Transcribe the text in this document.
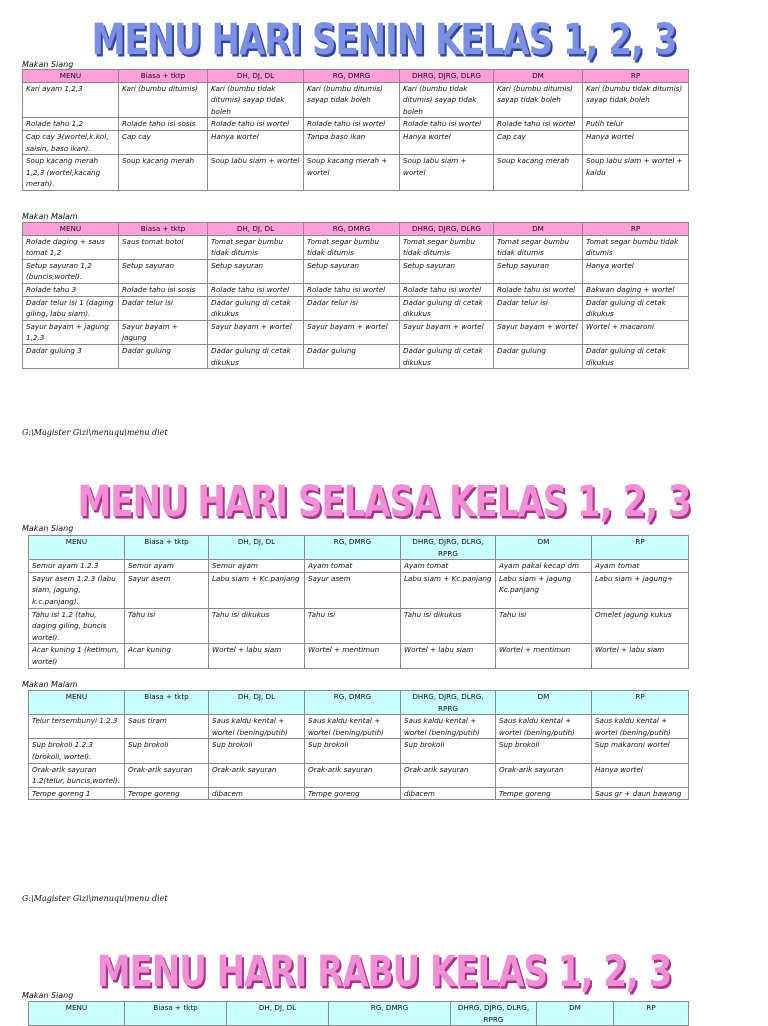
MENU HARI SENIN KELAS 1, 2, 3
Makan Siang
MENU	Biasa + tktp	DH, DJ, DL	RG, DMRG	DHRG, DJRG, DLRG	DM	RP
Kari ayam 1,2,3	Kari (bumbu ditumis)	Kari (bumbu tidak ditumis) sayap tidak boleh	Kari (bumbu ditumis) sayap tidak boleh	Kari (bumbu tidak ditumis) sayap tidak boleh	Kari (bumbu ditumis) sayap tidak boleh	Kari (bumbu tidak ditumis) sayap tidak boleh
Rolade tahu 1,2	Rolade tahu isi sosis	Rolade tahu isi wortel	Rolade tahu isi wortel	Rolade tahu isi wortel	Rolade tahu isi wortel	Putih telur
Cap cay 3(wortel,k.kol, saisin, baso ikan).	Cap cay	Hanya wortel	Tanpa baso ikan	Hanya wortel	Cap cay	Hanya wortel
Soup kacang merah 1,2,3 (wortel,kacang merah).	Soup kacang merah	Soup labu siam + wortel	Soup kacang merah + wortel	Soup labu siam + wortel	Soup kacang merah	Soup labu siam + wortel + kaldu
Makan Malam
MENU	Biasa + tktp	DH, DJ, DL	RG, DMRG	DHRG, DJRG, DLRG	DM	RP
Rolade daging + saus tomat 1,2	Saus tomat botol	Tomat segar bumbu tidak ditumis	Tomat segar bumbu tidak ditumis	Tomat segar bumbu tidak ditumis	Tomat segar bumbu tidak ditumis	Tomat segar bumbu tidak ditumis
Setup sayuran 1,2 (buncis,wortel).	Setup sayuran	Setup sayuran	Setup sayuran	Setup sayuran	Setup sayuran	Hanya wortel
Rolade tahu 3	Rolade tahu isi sosis	Rolade tahu isi wortel	Rolade tahu isi wortel	Rolade tahu isi wortel	Rolade tahu isi wortel	Bakwan daging + wortel
Dadar telur isi 1 (daging giling, labu siam).	Dadar telur isi	Dadar gulung di cetak dikukus	Dadar telur isi	Dadar gulung di cetak dikukus	Dadar telur isi	Dadar gulung di cetak dikukus
Sayur bayam + jagung 1,2,3	Sayur bayam + jagung	Sayur bayam + wortel	Sayur bayam + wortel	Sayur bayam + wortel	Sayur bayam + wortel	Wortel + macaroni
Dadar gulung 3	Dadar gulung	Dadar gulung di cetak dikukus	Dadar gulung	Dadar gulung di cetak dikukus	Dadar gulung	Dadar gulung di cetak dikukus
G:\Magister Gizi\menuqu\menu diet
MENU HARI SELASA KELAS 1, 2, 3
Makan Siang
MENU	Biasa + tktp	DH, DJ, DL	RG, DMRG	DHRG, DJRG, DLRG, RPRG	DM	RP
Semur ayam 1.2.3	Semur ayam	Semur ayam	Ayam tomat	Ayam tomat	Ayam pakai kecap dm	Ayam tomat
Sayur asem 1.2.3 (labu siam, jagung, k.c.panjang).	Sayur asem	Labu siam + Kc.panjang	Sayur asem	Labu siam + Kc.panjang	Labu siam + jagung Kc.panjang	Labu siam + jagung+
Tahu isi 1.2 (tahu, daging giling, buncis wortel).	Tahu isi	Tahu isi dikukus	Tahu isi	Tahu isi dikukus	Tahu isi	Omelet jagung kukus
Acar kuning 1 (ketimun, wortel)	Acar kuning	Wortel + labu siam	Wortel + mentimun	Wortel + labu siam	Wortel + mentimun	Wortel + labu siam
Makan Malam
MENU	Biasa + tktp	DH, DJ, DL	RG, DMRG	DHRG, DJRG, DLRG, RPRG	DM	RP
Telur tersembunyi 1.2.3	Saus tiram	Saus kaldu kental + wortel (bening/putih)	Saus kaldu kental + wortel (bening/putih)	Saus kaldu kental + wortel (bening/putih)	Saus kaldu kental + wortel (bening/putih)	Saus kaldu kental + wortel (bening/putih)
Sup brokoli 1.2.3 (brokoli, wortel).	Sup brokoli	Sup brokoli	Sup brokoli	Sup brokoli	Sup brokoli	Sup makaroni wortel
Orak-arik sayuran 1.2(telur, buncis,wortel).	Orak-arik sayuran	Orak-arik sayuran	Orak-arik sayuran	Orak-arik sayuran	Orak-arik sayuran	Hanya wortel
Tempe goreng 1	Tempe goreng	dibacem	Tempe goreng	dibacem	Tempe goreng	Saus gr + daun bawang
G:\Magister Gizi\menuqu\menu diet
MENU HARI RABU KELAS 1, 2, 3
Makan Siang
MENU	Biasa + tktp	DH, DJ, DL	RG, DMRG	DHRG, DJRG, DLRG, RPRG	DM	RP
